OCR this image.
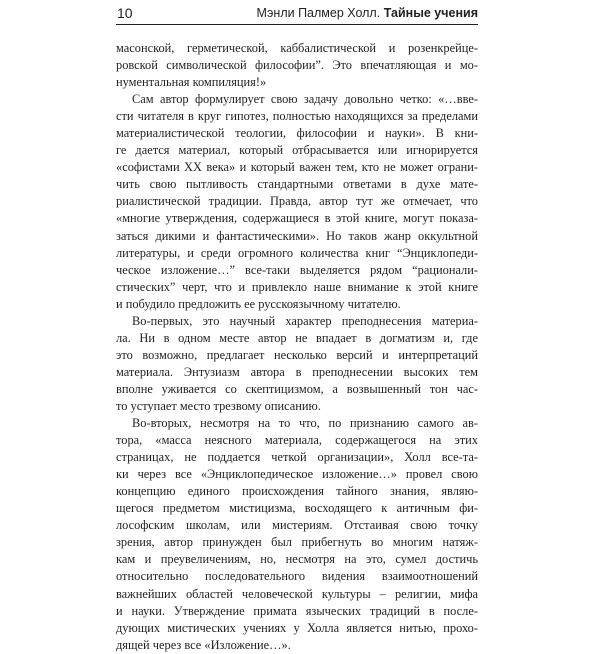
10	Мэнли Палмер Холл. Тайные учения
масонской, герметической, каббалистической и розенкрейце-
ровской символической философии”. Это впечатляющая и мо-
нументальная компиляция!»
Сам автор формулирует свою задачу довольно четко: «…вве-
сти читателя в круг гипотез, полностью находящихся за пределами
материалистической теологии, философии и науки». В кни-
ге дается материал, который отбрасывается или игнорируется
«софистами ХХ века» и который важен тем, кто не может ограни-
чить свою пытливость стандартными ответами в духе мате-
риалистической традиции. Правда, автор тут же отмечает, что
«многие утверждения, содержащиеся в этой книге, могут показа-
заться дикими и фантастическими». Но таков жанр оккультной
литературы, и среди огромного количества книг “Энциклопеди-
ческое изложение…” все-таки выделяется рядом “рационали-
стических” черт, что и привлекло наше внимание к этой книге
и побудило предложить ее русскоязычному читателю.
Во-первых, это научный характер преподнесения материа-
ла. Ни в одном месте автор не впадает в догматизм и, где
это возможно, предлагает несколько версий и интерпретаций
материала. Энтузиазм автора в преподнесении высоких тем
вполне уживается со скептицизмом, а возвышенный тон час-
то уступает место трезвому описанию.
Во-вторых, несмотря на то что, по признанию самого ав-
тора, «масса неясного материала, содержащегося на этих
страницах, не поддается четкой организации», Холл все-та-
ки через все «Энциклопедическое изложение…» провел свою
концепцию единого происхождения тайного знания, являю-
щегося предметом мистицизма, восходящего к античным фи-
лософским школам, или мистериям. Отстаивая свою точку
зрения, автор принужден был прибегнуть во многим натяж-
кам и преувеличениям, но, несмотря на это, сумел достичь
относительно последовательного видения взаимоотношений
важнейших областей человеческой культуры – религии, мифа
и науки. Утверждение примата языческих традиций в после-
дующих мистических учениях у Холла является нитью, прохо-
дящей через все «Изложение…».
